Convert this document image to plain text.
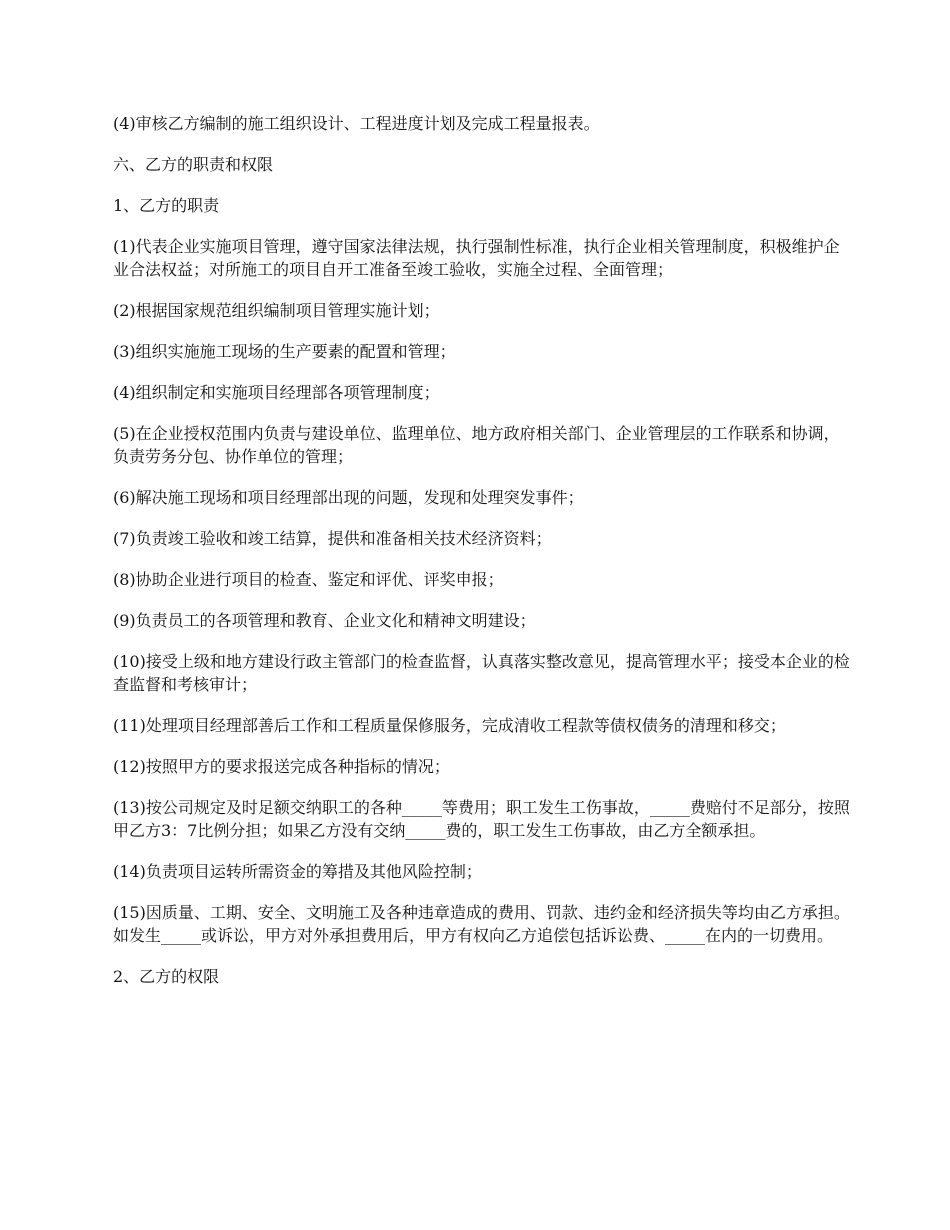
(4)审核乙方编制的施工组织设计、工程进度计划及完成工程量报表。

六、乙方的职责和权限

1、乙方的职责

(1)代表企业实施项目管理，遵守国家法律法规，执行强制性标准，执行企业相关管理制度，积极维护企业合法权益；对所施工的项目自开工准备至竣工验收，实施全过程、全面管理；

(2)根据国家规范组织编制项目管理实施计划；

(3)组织实施施工现场的生产要素的配置和管理；

(4)组织制定和实施项目经理部各项管理制度；

(5)在企业授权范围内负责与建设单位、监理单位、地方政府相关部门、企业管理层的工作联系和协调，负责劳务分包、协作单位的管理；

(6)解决施工现场和项目经理部出现的问题，发现和处理突发事件；

(7)负责竣工验收和竣工结算，提供和准备相关技术经济资料；

(8)协助企业进行项目的检查、鉴定和评优、评奖申报；

(9)负责员工的各项管理和教育、企业文化和精神文明建设；

(10)接受上级和地方建设行政主管部门的检查监督，认真落实整改意见，提高管理水平；接受本企业的检查监督和考核审计；

(11)处理项目经理部善后工作和工程质量保修服务，完成清收工程款等债权债务的清理和移交；

(12)按照甲方的要求报送完成各种指标的情况；

(13)按公司规定及时足额交纳职工的各种_____等费用；职工发生工伤事故，_____费赔付不足部分，按照甲乙方3：7比例分担；如果乙方没有交纳_____费的，职工发生工伤事故，由乙方全额承担。

(14)负责项目运转所需资金的筹措及其他风险控制；

(15)因质量、工期、安全、文明施工及各种违章造成的费用、罚款、违约金和经济损失等均由乙方承担。如发生_____或诉讼，甲方对外承担费用后，甲方有权向乙方追偿包括诉讼费、_____在内的一切费用。

2、乙方的权限
